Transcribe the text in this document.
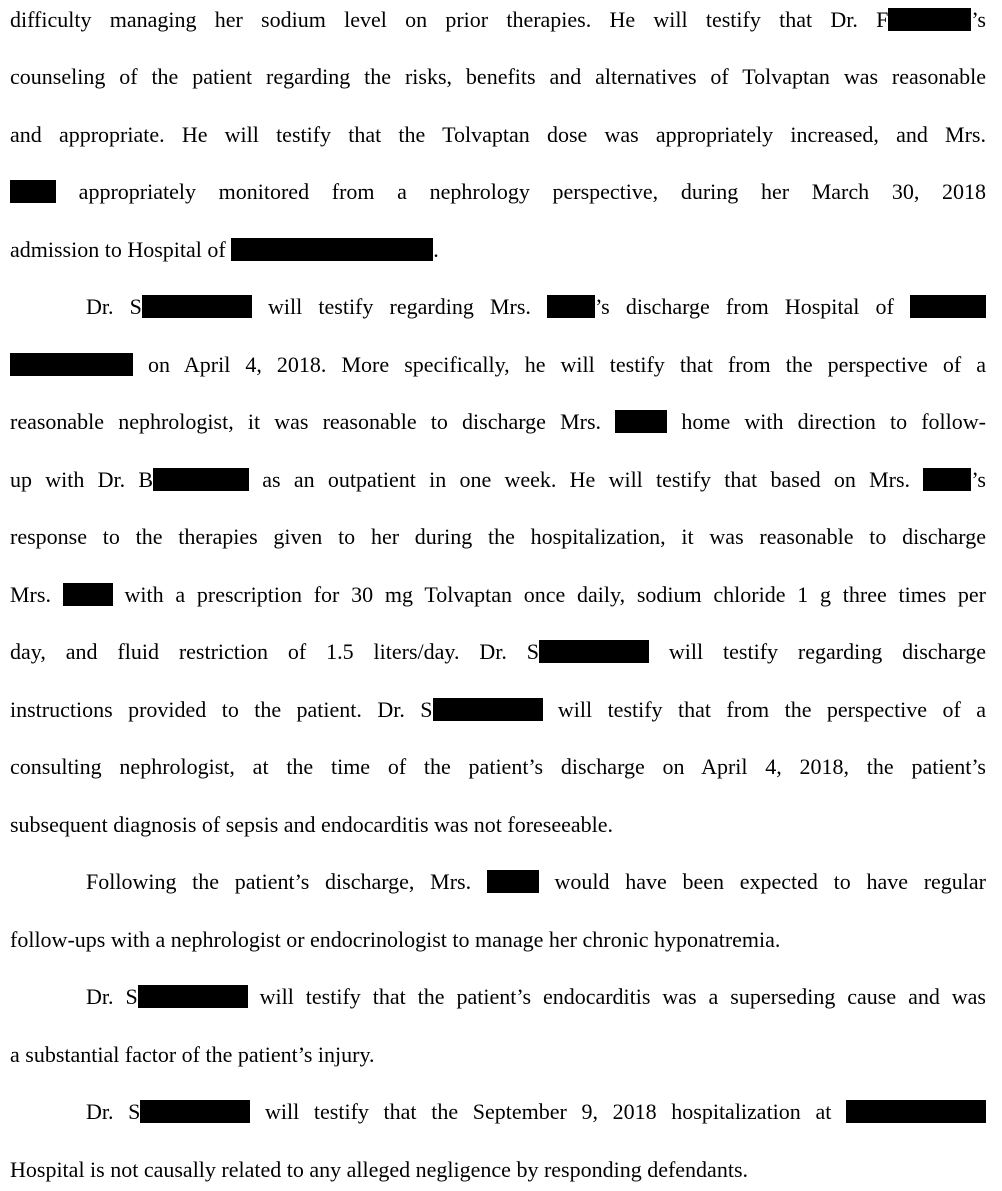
difficulty managing her sodium level on prior therapies. He will testify that Dr. F	’s
counseling of the patient regarding the risks, benefits and alternatives of Tolvaptan was reasonable
and appropriate. He will testify that the Tolvaptan dose was appropriately increased, and Mrs.
appropriately monitored from a nephrology perspective, during her March 30, 2018
admission to Hospital of	.
Dr. S	will testify regarding Mrs. ’s discharge from Hospital of
on April 4, 2018. More specifically, he will testify that from the perspective of a
reasonable nephrologist, it was reasonable to discharge Mrs.  home with direction to follow-
up with Dr. B	as an outpatient in one week. He will testify that based on Mrs. ’s
response to the therapies given to her during the hospitalization, it was reasonable to discharge
Mrs.  with a prescription for 30 mg Tolvaptan once daily, sodium chloride 1 g three times per
day, and fluid restriction of 1.5 liters/day. Dr. S	will testify regarding discharge
instructions provided to the patient. Dr. S	will testify that from the perspective of a
consulting nephrologist, at the time of the patient’s discharge on April 4, 2018, the patient’s
subsequent diagnosis of sepsis and endocarditis was not foreseeable.
Following the patient’s discharge, Mrs.  would have been expected to have regular
follow-ups with a nephrologist or endocrinologist to manage her chronic hyponatremia.
Dr. S	will testify that the patient’s endocarditis was a superseding cause and was
a substantial factor of the patient’s injury.
Dr. S	will testify that the September 9, 2018 hospitalization at
Hospital is not causally related to any alleged negligence by responding defendants.
